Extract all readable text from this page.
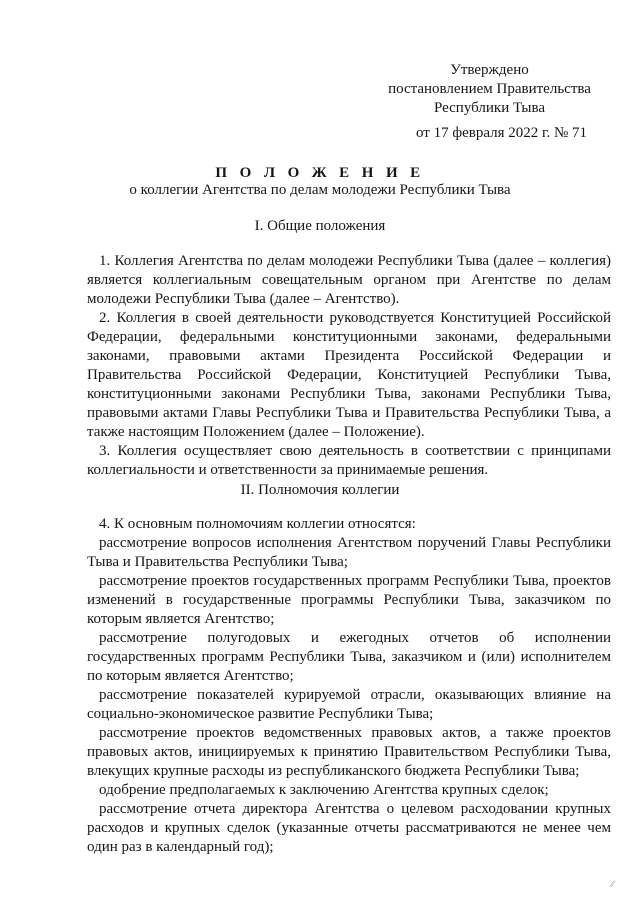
Утверждено
постановлением Правительства
Республики Тыва
от 17 февраля 2022 г. № 71
П О Л О Ж Е Н И Е
о коллегии Агентства по делам молодежи Республики Тыва
I. Общие положения

1. Коллегия Агентства по делам молодежи Республики Тыва (далее – коллегия) является коллегиальным совещательным органом при Агентстве по делам молодежи Республики Тыва (далее – Агентство).

2. Коллегия в своей деятельности руководствуется Конституцией Российской Федерации, федеральными конституционными законами, федеральными законами, правовыми актами Президента Российской Федерации и Правительства Российской Федерации, Конституцией Республики Тыва, конституционными законами Республики Тыва, законами Республики Тыва, правовыми актами Главы Республики Тыва и Правительства Республики Тыва, а также настоящим Положением (далее – Положение).

3. Коллегия осуществляет свою деятельность в соответствии с принципами коллегиальности и ответственности за принимаемые решения.

II. Полномочия коллегии

4. К основным полномочиям коллегии относятся:

рассмотрение вопросов исполнения Агентством поручений Главы Республики Тыва и Правительства Республики Тыва;

рассмотрение проектов государственных программ Республики Тыва, проектов изменений в государственные программы Республики Тыва, заказчиком по которым является Агентство;

рассмотрение полугодовых и ежегодных отчетов об исполнении государственных программ Республики Тыва, заказчиком и (или) исполнителем по которым является Агентство;

рассмотрение показателей курируемой отрасли, оказывающих влияние на социально-экономическое развитие Республики Тыва;

рассмотрение проектов ведомственных правовых актов, а также проектов правовых актов, инициируемых к принятию Правительством Республики Тыва, влекущих крупные расходы из республиканского бюджета Республики Тыва;

одобрение предполагаемых к заключению Агентства крупных сделок;

рассмотрение отчета директора Агентства о целевом расходовании крупных расходов и крупных сделок (указанные отчеты рассматриваются не менее чем один раз в календарный год);

⁄⁄
